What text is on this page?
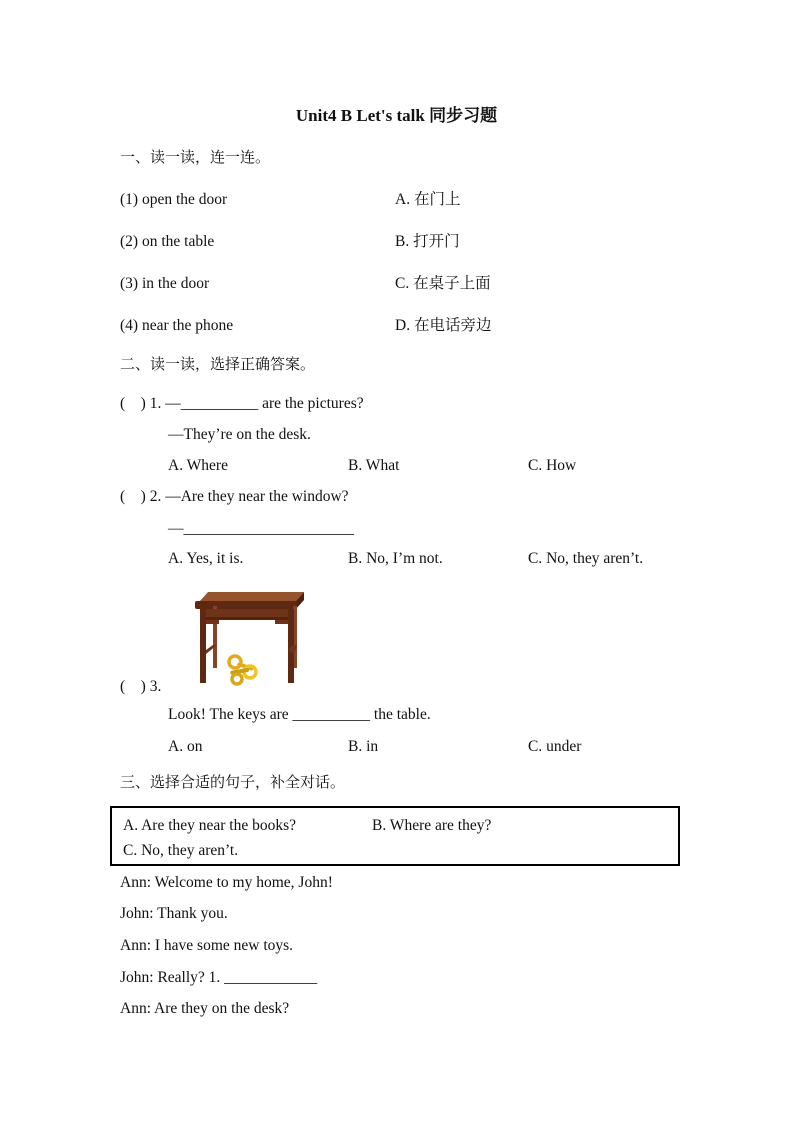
Unit4 B Let's talk 同步习题
一、读一读，连一连。
(1) open the door	A. 在门上
(2) on the table	B. 打开门
(3) in the door	C. 在桌子上面
(4) near the phone	D. 在电话旁边
二、读一读，选择正确答案。
(　) 1. —__________ are the pictures?
—They’re on the desk.
A. Where	B. What	C. How
(　) 2. —Are they near the window?
—______________________
A. Yes, it is.	B. No, I’m not.	C. No, they aren’t.
(　) 3.
Look! The keys are __________ the table.
A. on	B. in	C. under
三、选择合适的句子，补全对话。
A. Are they near the books?	B. Where are they?
C. No, they aren’t.
Ann: Welcome to my home, John!
John: Thank you.
Ann: I have some new toys.
John: Really? 1. ____________
Ann: Are they on the desk?
